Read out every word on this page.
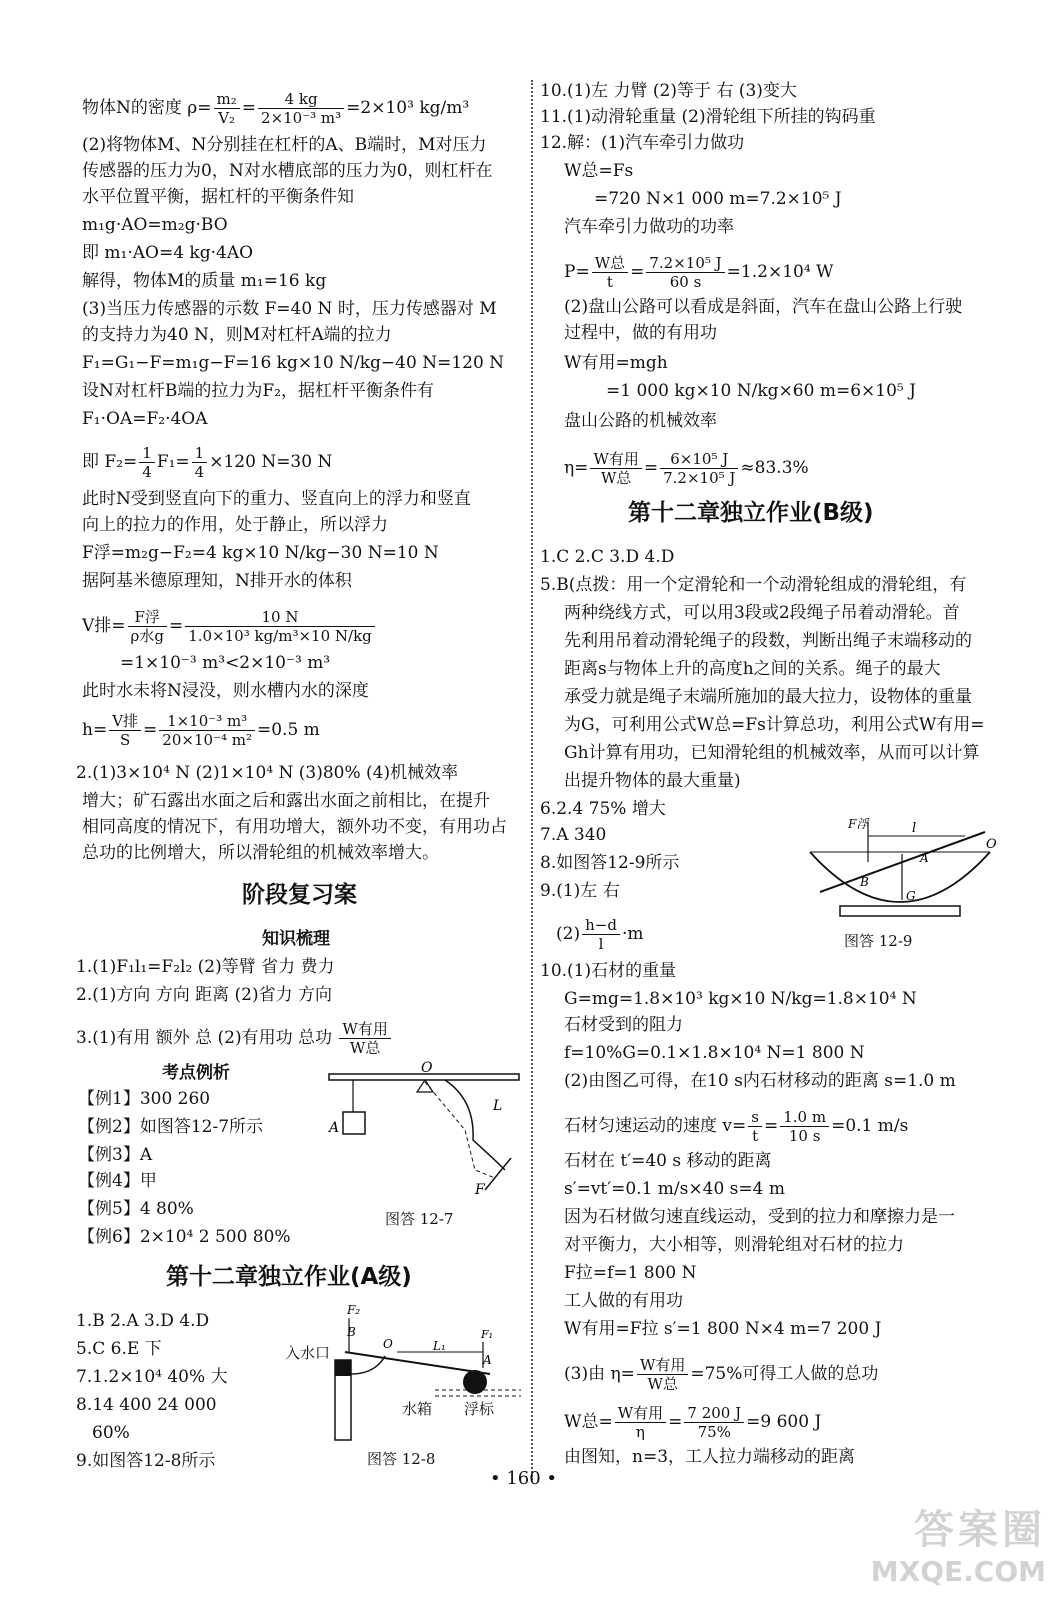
物体N的密度 $\rho= \frac{\text{m₂}}{\text{V₂}} = \frac{4 kg}{\text{2×10⁻³ m³}} =2\times 10^3$ kg/m³
(2)将物体M、N分别挂在杠杆的A、B端时，M对压力
传感器的压力为0，N对水槽底部的压力为0，则杠杆在
水平位置平衡，据杠杆的平衡条件知
m₁g·AO=m₂g·BO
即 m₁·AO=4 kg·4AO
解得，物体M的质量 m₁=16 kg
(3)当压力传感器的示数 F=40 N 时，压力传感器对 M
的支持力为40 N，则M对杠杆A端的拉力
F₁=G₁−F=m₁g−F=16 kg×10 N/kg−40 N=120 N
设N对杠杆B端的拉力为F₂，据杠杆平衡条件有
F₁·OA=F₂·4OA
即 $F_2= \frac{1}{4} F_1= \frac{1}{4} \times 120$ N=30 N
此时N受到竖直向下的重力、竖直向上的浮力和竖直
向上的拉力的作用，处于静止，所以浮力
F浮=m₂g−F₂=4 kg×10 N/kg−30 N=10 N
据阿基米德原理知，N排开水的体积
V排= $\frac{\text{F浮}}{\text{ρ水g}} = \frac{10 N}{\text{1.0×10³ kg/m³×10 N/kg}}$
=1×10⁻³ m³<2×10⁻³ m³
此时水未将N浸没，则水槽内水的深度
$h= \frac{\text{V排}}{S} = \frac{\text{1×10⁻³ m³}}{\text{20×10⁻⁴ m²}} =0.5$ m
2.(1)3×10⁴ N (2)1×10⁴ N (3)80% (4)机械效率
增大；矿石露出水面之后和露出水面之前相比，在提升
相同高度的情况下，有用功增大，额外功不变，有用功占
总功的比例增大，所以滑轮组的机械效率增大。
阶段复习案
知识梳理
1.(1)F₁l₁=F₂l₂ (2)等臂 省力 费力
2.(1)方向 方向 距离 (2)省力 方向
3.(1)有用 额外 总 (2)有用功 总功 $\frac{\text{W有用}}{\text{W总}}$
考点例析
【例1】300 260
【例2】如图答12-7所示
【例3】A
【例4】甲
【例5】4 80%
【例6】2×10⁴ 2 500 80%
第十二章独立作业(A级)
1.B 2.A 3.D 4.D
5.C 6.E 下
7.1.2×10⁴ 40% 大
8.14 400 24 000
60%
9.如图答12-8所示
A
O
L
F
图答 12-7
F₂
B
O	L₁
F₁
A
入水口
水箱 浮标
图答 12-8
10.(1)左 力臂 (2)等于 右 (3)变大
11.(1)动滑轮重量 (2)滑轮组下所挂的钩码重
12.解：(1)汽车牵引力做功
W总=Fs
=720 N×1 000 m=7.2×10⁵ J
汽车牵引力做功的功率
$P= \frac{\text{W总}}{t} = \frac{\text{7.2×10⁵ J}}{60 s} =1.2\times 10^4$ W
(2)盘山公路可以看成是斜面，汽车在盘山公路上行驶
过程中，做的有用功
W有用=mgh
=1 000 kg×10 N/kg×60 m=6×10⁵ J
盘山公路的机械效率
$\eta= \frac{\text{W有用}}{\text{W总}} = \frac{\text{6×10⁵ J}}{\text{7.2×10⁵ J}} \approx 83.3\%$
第十二章独立作业(B级)
1.C 2.C 3.D 4.D
5.B(点拨：用一个定滑轮和一个动滑轮组成的滑轮组，有
两种绕线方式，可以用3段或2段绳子吊着动滑轮。首
先利用吊着动滑轮绳子的段数，判断出绳子末端移动的
距离s与物体上升的高度h之间的关系。绳子的最大
承受力就是绳子末端所施加的最大拉力，设物体的重量
为G，可利用公式W总=Fs计算总功，利用公式W有用=
Gh计算有用功，已知滑轮组的机械效率，从而可以计算
出提升物体的最大重量)
6.2.4 75% 增大
7.A 340
8.如图答12-9所示
9.(1)左 右
$(2) \frac{h-d}{l} \cdot m$
10.(1)石材的重量
G=mg=1.8×10³ kg×10 N/kg=1.8×10⁴ N
石材受到的阻力
f=10%G=0.1×1.8×10⁴ N=1 800 N
(2)由图乙可得，在10 s内石材移动的距离 s=1.0 m
石材匀速运动的速度 $v= \frac{s}{t} = \frac{1.0 m}{10 s} =0.1$ m/s
石材在 t′=40 s 移动的距离
s′=vt′=0.1 m/s×40 s=4 m
因为石材做匀速直线运动，受到的拉力和摩擦力是一
对平衡力，大小相等，则滑轮组对石材的拉力
F拉=f=1 800 N
工人做的有用功
W有用=F拉 s′=1 800 N×4 m=7 200 J
(3)由 $\eta= \frac{\text{W有用}}{\text{W总}} =75\%$可得工人做的总功
W总= $\frac{\text{W有用}}{\eta} = \frac{7 200 J}{75\%} =9$ 600 J
由图知，n=3，工人拉力端移动的距离
O
F浮	l
A
G
B
图答 12-9
• 160 •
答案圈
MXQE.COM
